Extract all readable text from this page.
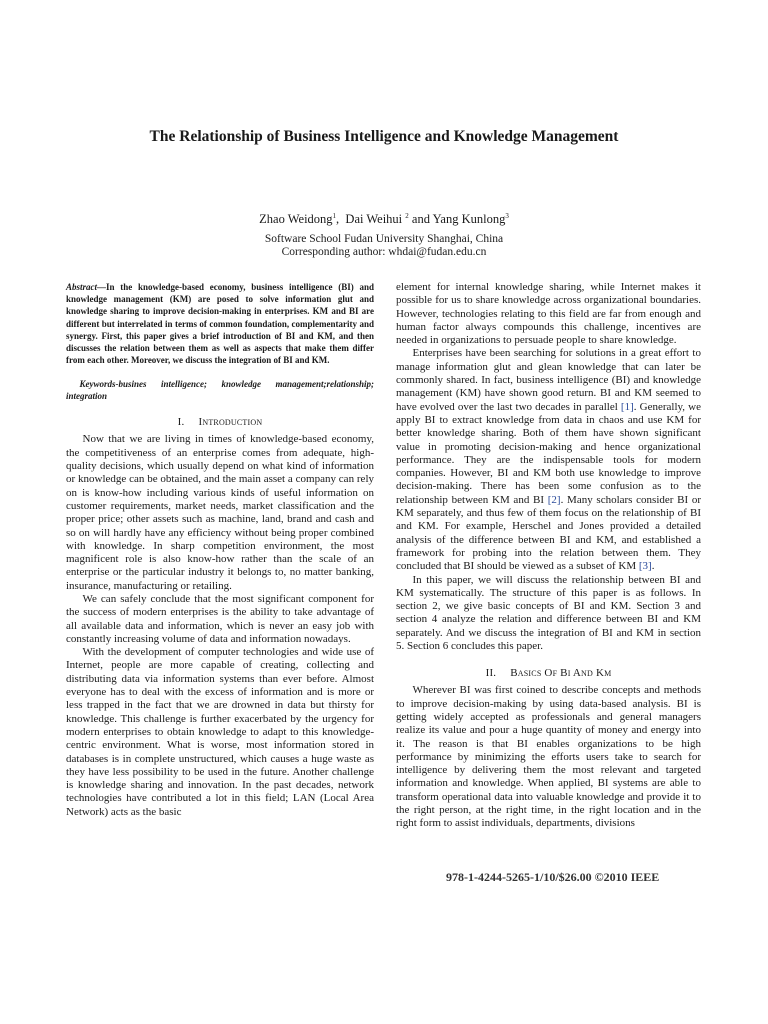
The Relationship of Business Intelligence and Knowledge Management
Zhao Weidong$^1$,  Dai Weihui $^2$ and Yang Kunlong$^3$
Software School Fudan University Shanghai, China
Corresponding author: whdai@fudan.edu.cn

Abstract—In the knowledge-based economy, business intelligence (BI) and knowledge management (KM) are posed to solve information glut and knowledge sharing to improve decision-making in enterprises. KM and BI are different but interrelated in terms of common foundation, complementarity and synergy. First, this paper gives a brief introduction of BI and KM, and then discusses the relation between them as well as aspects that make them differ from each other. Moreover, we discuss the integration of BI and KM.

Keywords-busines intelligence; knowledge management;relationship; integration

I. Introduction

Now that we are living in times of knowledge-based economy, the competitiveness of an enterprise comes from adequate, high-quality decisions, which usually depend on what kind of information or knowledge can be obtained, and the main asset a company can rely on is know-how including various kinds of useful information on customer requirements, market needs, market classification and the proper price; other assets such as machine, land, brand and cash and so on will hardly have any efficiency without being proper combined with knowledge. In sharp competition environment, the most magnificent role is also know-how rather than the scale of an enterprise or the particular industry it belongs to, no matter banking, insurance, manufacturing or retailing.

We can safely conclude that the most significant component for the success of modern enterprises is the ability to take advantage of all available data and information, which is never an easy job with constantly increasing volume of data and information nowadays.

With the development of computer technologies and wide use of Internet, people are more capable of creating, collecting and distributing data via information systems than ever before. Almost everyone has to deal with the excess of information and is more or less trapped in the fact that we are drowned in data but thirsty for knowledge. This challenge is further exacerbated by the urgency for modern enterprises to obtain knowledge to adapt to this knowledge-centric environment. What is worse, most information stored in databases is in complete unstructured, which causes a huge waste as they have less possibility to be used in the future. Another challenge is knowledge sharing and innovation. In the past decades, network technologies have contributed a lot in this field; LAN (Local Area Network) acts as the basic

element for internal knowledge sharing, while Internet makes it possible for us to share knowledge across organizational boundaries. However, technologies relating to this field are far from enough and human factor always compounds this challenge, incentives are needed in organizations to persuade people to share knowledge.

Enterprises have been searching for solutions in a great effort to manage information glut and glean knowledge that can later be commonly shared. In fact, business intelligence (BI) and knowledge management (KM) have shown good return. BI and KM seemed to have evolved over the last two decades in parallel [1]. Generally, we apply BI to extract knowledge from data in chaos and use KM for better knowledge sharing. Both of them have shown significant value in promoting decision-making and hence organizational performance. They are the indispensable tools for modern companies. However, BI and KM both use knowledge to improve decision-making. There has been some confusion as to the relationship between KM and BI [2]. Many scholars consider BI or KM separately, and thus few of them focus on the relationship of BI and KM. For example, Herschel and Jones provided a detailed analysis of the difference between BI and KM, and established a framework for probing into the relation between them. They concluded that BI should be viewed as a subset of KM [3].

In this paper, we will discuss the relationship between BI and KM systematically. The structure of this paper is as follows. In section 2, we give basic concepts of BI and KM. Section 3 and section 4 analyze the relation and difference between BI and KM separately. And we discuss the integration of BI and KM in section 5. Section 6 concludes this paper.

II. Basics Of Bi And Km

Wherever BI was first coined to describe concepts and methods to improve decision-making by using data-based analysis. BI is getting widely accepted as professionals and general managers realize its value and pour a huge quantity of money and energy into it. The reason is that BI enables organizations to be high performance by minimizing the efforts users take to search for intelligence by delivering them the most relevant and targeted information and knowledge. When applied, BI systems are able to transform operational data into valuable knowledge and provide it to the right person, at the right time, in the right location and in the right form to assist individuals, departments, divisions

978-1-4244-5265-1/10/$26.00 ©2010 IEEE
